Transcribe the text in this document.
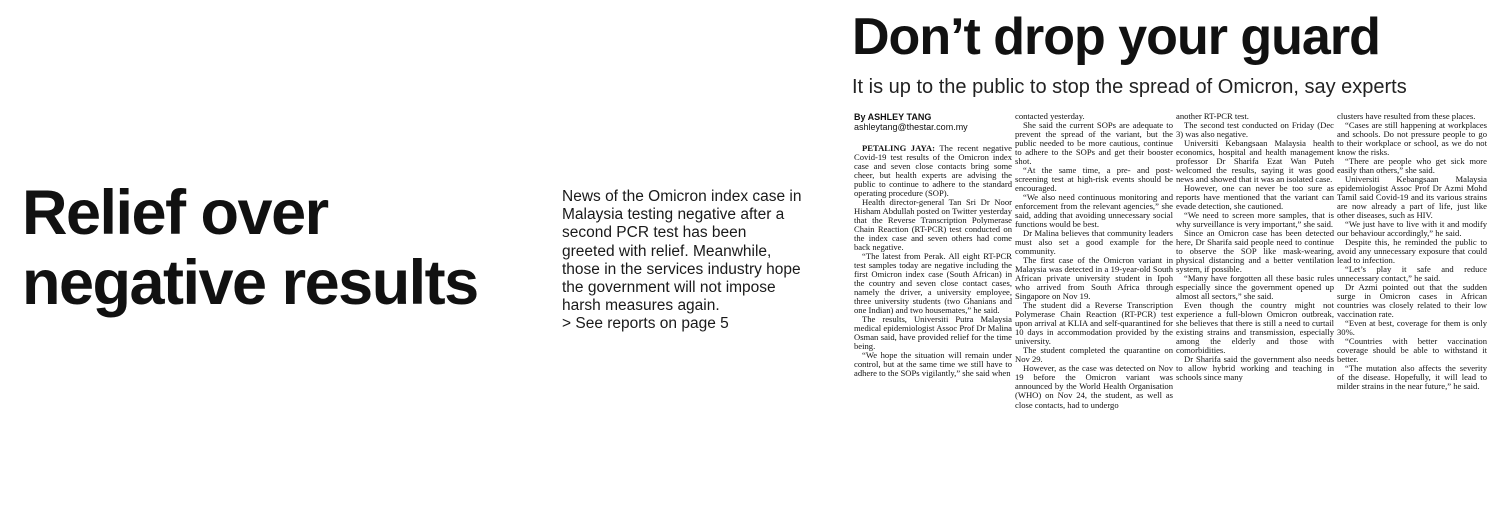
Relief over
negative results
News of the Omicron index case in Malaysia testing negative after a second PCR test has been greeted with relief. Meanwhile, those in the services industry hope the government will not impose harsh measures again.
> See reports on page 5
Don’t drop your guard
It is up to the public to stop the spread of Omicron, say experts
By ASHLEY TANG
ashleytang@thestar.com.my

PETALING JAYA: The recent negative Covid-19 test results of the Omicron index case and seven close contacts bring some cheer, but health experts are advising the public to continue to adhere to the standard operating procedure (SOP).

Health director-general Tan Sri Dr Noor Hisham Abdullah posted on Twitter yesterday that the Reverse Transcription Polymerase Chain Reaction (RT-PCR) test conducted on the index case and seven others had come back negative.

“The latest from Perak. All eight RT-PCR test samples today are negative including the first Omicron index case (South African) in the country and seven close contact cases, namely the driver, a university employee, three university students (two Ghanians and one Indian) and two housemates,” he said.

The results, Universiti Putra Malaysia medical epidemiologist Assoc Prof Dr Malina Osman said, have provided relief for the time being.

“We hope the situation will remain under control, but at the same time we still have to adhere to the SOPs vigilantly,” she said when

contacted yesterday.

She said the current SOPs are adequate to prevent the spread of the variant, but the public needed to be more cautious, continue to adhere to the SOPs and get their booster shot.

“At the same time, a pre- and post-screening test at high-risk events should be encouraged.

“We also need continuous monitoring and enforcement from the relevant agencies,” she said, adding that avoiding unnecessary social functions would be best.

Dr Malina believes that community leaders must also set a good example for the community.

The first case of the Omicron variant in Malaysia was detected in a 19-year-old South African private university student in Ipoh who arrived from South Africa through Singapore on Nov 19.

The student did a Reverse Transcription Polymerase Chain Reaction (RT-PCR) test upon arrival at KLIA and self-quarantined for 10 days in accommodation provided by the university.

The student completed the quarantine on Nov 29.

However, as the case was detected on Nov 19 before the Omicron variant was announced by the World Health Organisation (WHO) on Nov 24, the student, as well as close contacts, had to undergo

another RT-PCR test.

The second test conducted on Friday (Dec 3) was also negative.

Universiti Kebangsaan Malaysia health economics, hospital and health management professor Dr Sharifa Ezat Wan Puteh welcomed the results, saying it was good news and showed that it was an isolated case.

However, one can never be too sure as reports have mentioned that the variant can evade detection, she cautioned.

“We need to screen more samples, that is why surveillance is very important,” she said.

Since an Omicron case has been detected here, Dr Sharifa said people need to continue to observe the SOP like mask-wearing, physical distancing and a better ventilation system, if possible.

“Many have forgotten all these basic rules especially since the government opened up almost all sectors,” she said.

Even though the country might not experience a full-blown Omicron outbreak, she believes that there is still a need to curtail existing strains and transmission, especially among the elderly and those with comorbidities.

Dr Sharifa said the government also needs to allow hybrid working and teaching in schools since many

clusters have resulted from these places.

“Cases are still happening at workplaces and schools. Do not pressure people to go to their workplace or school, as we do not know the risks.

“There are people who get sick more easily than others,” she said.

Universiti Kebangsaan Malaysia epidemiologist Assoc Prof Dr Azmi Mohd Tamil said Covid-19 and its various strains are now already a part of life, just like other diseases, such as HIV.

“We just have to live with it and modify our behaviour accordingly,” he said.

Despite this, he reminded the public to avoid any unnecessary exposure that could lead to infection.

“Let’s play it safe and reduce unnecessary contact,” he said.

Dr Azmi pointed out that the sudden surge in Omicron cases in African countries was closely related to their low vaccination rate.

“Even at best, coverage for them is only 30%.

“Countries with better vaccination coverage should be able to withstand it better.

“The mutation also affects the severity of the disease. Hopefully, it will lead to milder strains in the near future,” he said.
